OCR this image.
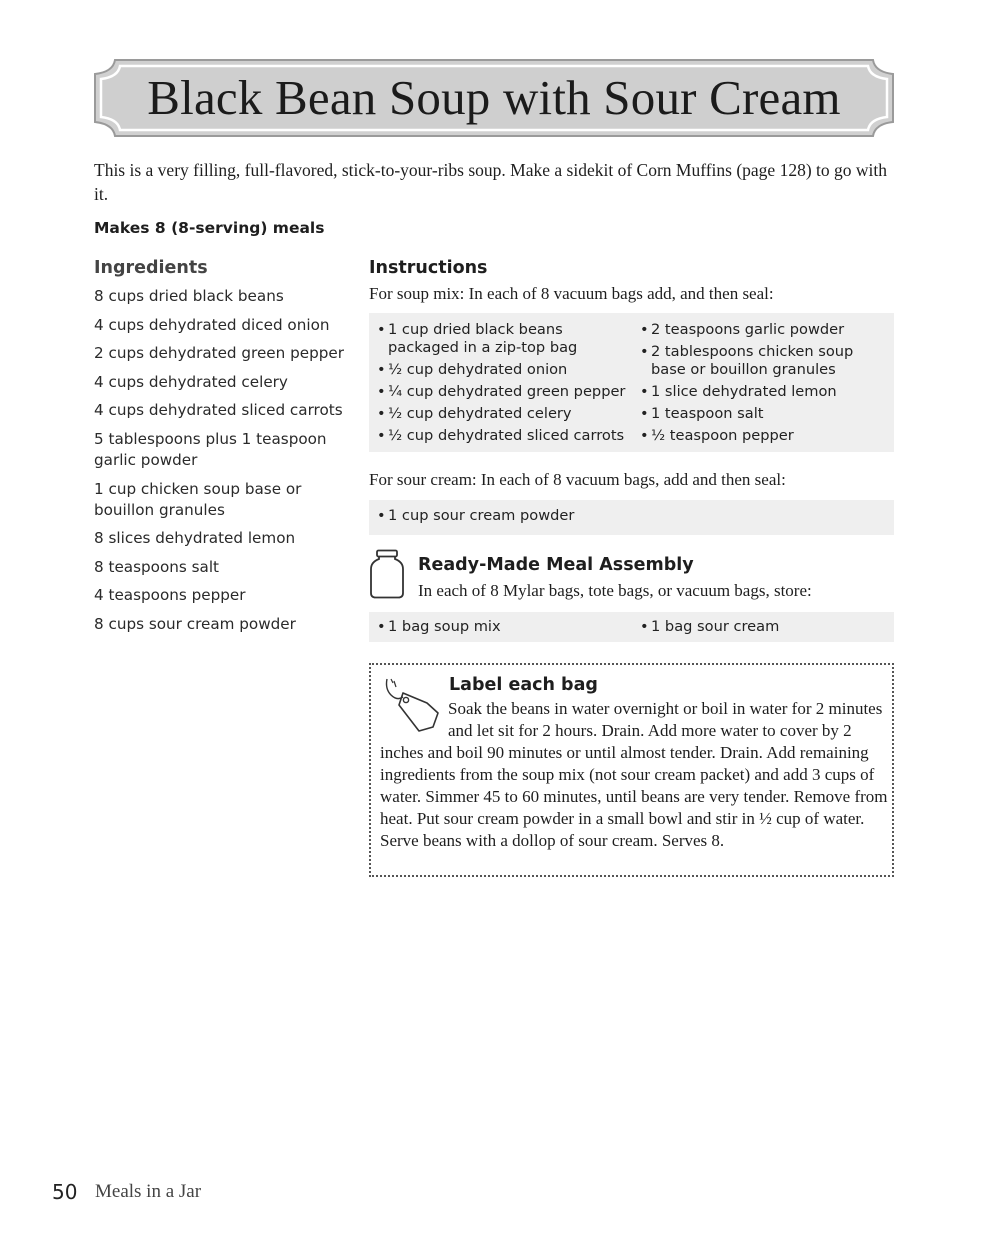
Black Bean Soup with Sour Cream
This is a very filling, full-flavored, stick-to-your-ribs soup. Make a sidekit of Corn Muffins (page 128) to go with it.
Makes 8 (8-serving) meals
Ingredients
8 cups dried black beans
4 cups dehydrated diced onion
2 cups dehydrated green pepper
4 cups dehydrated celery
4 cups dehydrated sliced carrots
5 tablespoons plus 1 teaspoon garlic powder
1 cup chicken soup base or bouillon granules
8 slices dehydrated lemon
8 teaspoons salt
4 teaspoons pepper
8 cups sour cream powder
Instructions
For soup mix: In each of 8 vacuum bags add, and then seal:
• 1 cup dried black beans packaged in a zip-top bag
• ½ cup dehydrated onion
• ¼ cup dehydrated green pepper
• ½ cup dehydrated celery
• ½ cup dehydrated sliced carrots
• 2 teaspoons garlic powder
• 2 tablespoons chicken soup base or bouillon granules
• 1 slice dehydrated lemon
• 1 teaspoon salt
• ½ teaspoon pepper
For sour cream: In each of 8 vacuum bags, add and then seal:
• 1 cup sour cream powder
Ready-Made Meal Assembly
In each of 8 Mylar bags, tote bags, or vacuum bags, store:
• 1 bag soup mix
•	1 bag sour cream
Label each bag

Soak the beans in water overnight or boil in water for 2 minutes and let sit for 2 hours. Drain. Add more water to cover by 2 inches and boil 90 minutes or until almost tender. Drain. Add remaining ingredients from the soup mix (not sour cream packet) and add 3 cups of water. Simmer 45 to 60 minutes, until beans are very tender. Remove from heat. Put sour cream powder in a small bowl and stir in ½ cup of water. Serve beans with a dollop of sour cream. Serves 8.

50 Meals in a Jar
